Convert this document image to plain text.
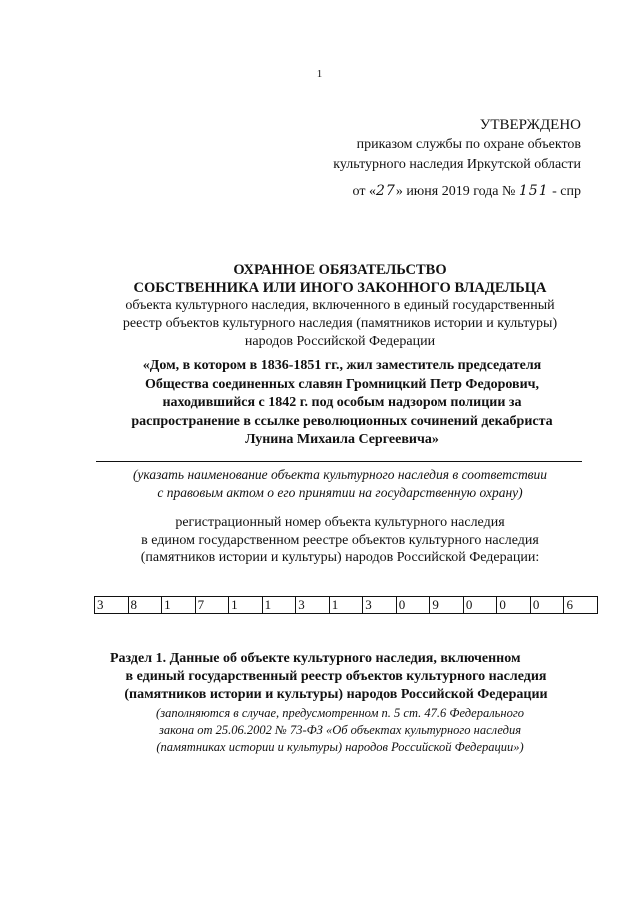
1
УТВЕРЖДЕНО
приказом службы по охране объектов
культурного наследия Иркутской области
от «27» июня 2019 года № 151 - спр
ОХРАННОЕ ОБЯЗАТЕЛЬСТВО
СОБСТВЕННИКА ИЛИ ИНОГО ЗАКОННОГО ВЛАДЕЛЬЦА
объекта культурного наследия, включенного в единый государственный
реестр объектов культурного наследия (памятников истории и культуры)
народов Российской Федерации
«Дом, в котором в 1836-1851 гг., жил заместитель председателя
Общества соединенных славян Громницкий Петр Федорович,
находившийся с 1842 г. под особым надзором полиции за
распространение в ссылке революционных сочинений декабриста
Лунина Михаила Сергеевича»
(указать наименование объекта культурного наследия в соответствии
с правовым актом о его принятии на государственную охрану)
регистрационный номер объекта культурного наследия
в едином государственном реестре объектов культурного наследия
(памятников истории и культуры) народов Российской Федерации:
3	8	1	7	1	1	3	1	3	0	9	0	0	0	6
Раздел 1. Данные об объекте культурного наследия, включенном
в единый государственный реестр объектов культурного наследия
(памятников истории и культуры) народов Российской Федерации
(заполняются в случае, предусмотренном п. 5 ст. 47.6 Федерального
закона от 25.06.2002 № 73-ФЗ «Об объектах культурного наследия
(памятниках истории и культуры) народов Российской Федерации»)
